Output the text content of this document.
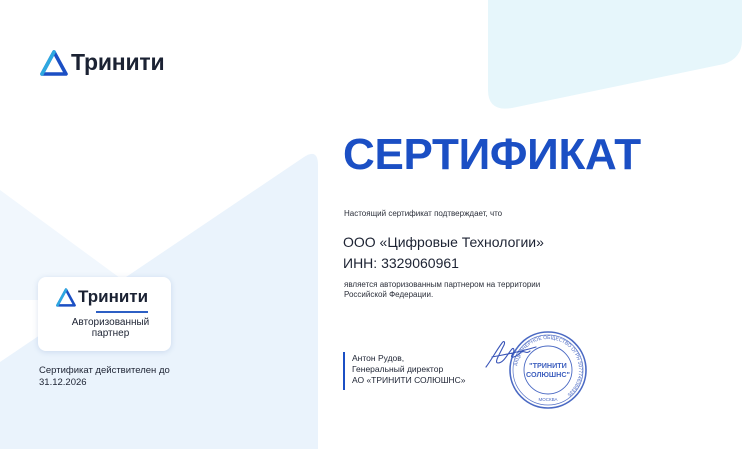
Тринити
Тринити
Авторизованный партнер
Сертификат действителен до 31.12.2026
СЕРТИФИКАТ
Настоящий сертификат подтверждает, что
ООО «Цифровые Технологии»
ИНН: 3329060961
является авторизованным партнером на территории Российской Федерации.
Антон Рудов,
Генеральный директор
АО «ТРИНИТИ СОЛЮШНС»
АКЦИОНЕРНОЕ ОБЩЕСТВО ОГРН 5077746368335
"ТРИНИТИ
СОЛЮШНС"
МОСКВА
